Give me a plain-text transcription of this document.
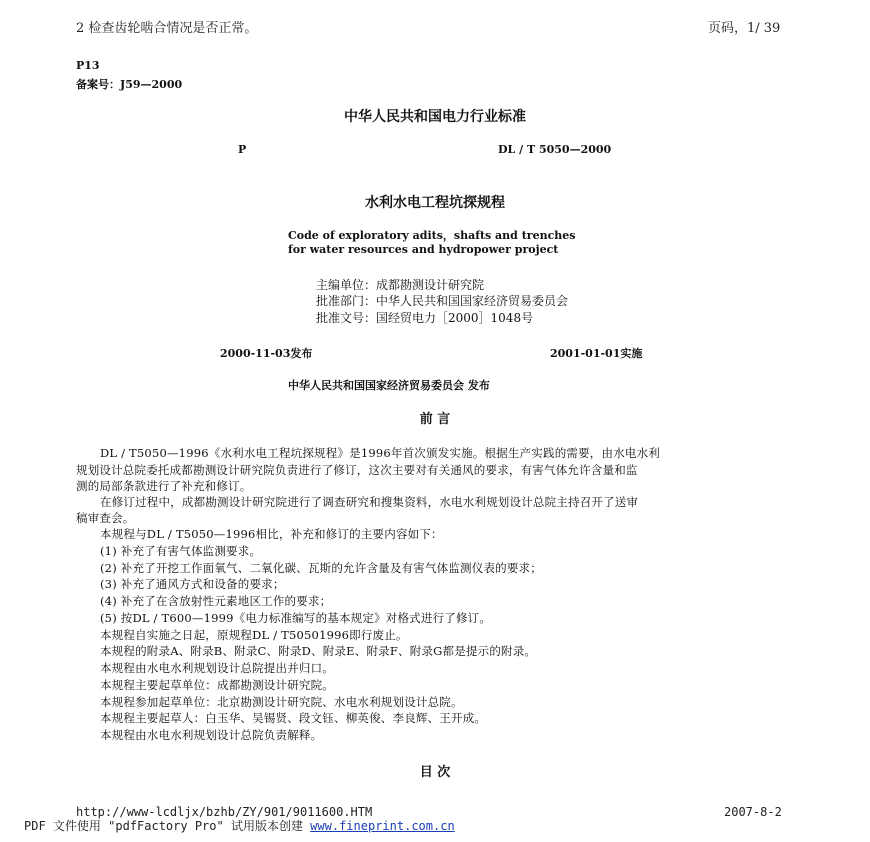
2 检查齿轮啮合情况是否正常。	页码，1/ 39
P13
备案号：J59—2000
中华人民共和国电力行业标准
P	DL / T 5050—2000
水利水电工程坑探规程
Code of exploratory adits，shafts and trenches
for water resources and hydropower project
主编单位：成都勘测设计研究院
批准部门：中华人民共和国国家经济贸易委员会
批准文号：国经贸电力［2000］1048号
2000-11-03发布	2001-01-01实施
中华人民共和国国家经济贸易委员会 发布
前 言
DL / T5050—1996《水利水电工程坑探规程》是1996年首次颁发实施。根据生产实践的需要，由水电水利
规划设计总院委托成都勘测设计研究院负责进行了修订，这次主要对有关通风的要求，有害气体允许含量和监
测的局部条款进行了补充和修订。
在修订过程中，成都勘测设计研究院进行了调查研究和搜集资料，水电水利规划设计总院主持召开了送审
稿审查会。
本规程与DL / T5050—1996相比，补充和修订的主要内容如下：
(1) 补充了有害气体监测要求。
(2) 补充了开挖工作面氧气、二氧化碳、瓦斯的允许含量及有害气体监测仪表的要求；
(3) 补充了通风方式和设备的要求；
(4) 补充了在含放射性元素地区工作的要求；
(5) 按DL / T600—1999《电力标准编写的基本规定》对格式进行了修订。
本规程自实施之日起，原规程DL / T50501996即行废止。
本规程的附录A、附录B、附录C、附录D、附录E、附录F、附录G都是提示的附录。
本规程由水电水利规划设计总院提出并归口。
本规程主要起草单位：成都勘测设计研究院。
本规程参加起草单位：北京勘测设计研究院、水电水利规划设计总院。
本规程主要起草人：白玉华、吴锡贤、段文钰、柳英俊、李良辉、王开成。
本规程由水电水利规划设计总院负责解释。
目 次
http://www-lcdljx/bzhb/ZY/901/9011600.HTM	2007-8-2
PDF 文件使用 "pdfFactory Pro" 试用版本创建 www.fineprint.com.cn
